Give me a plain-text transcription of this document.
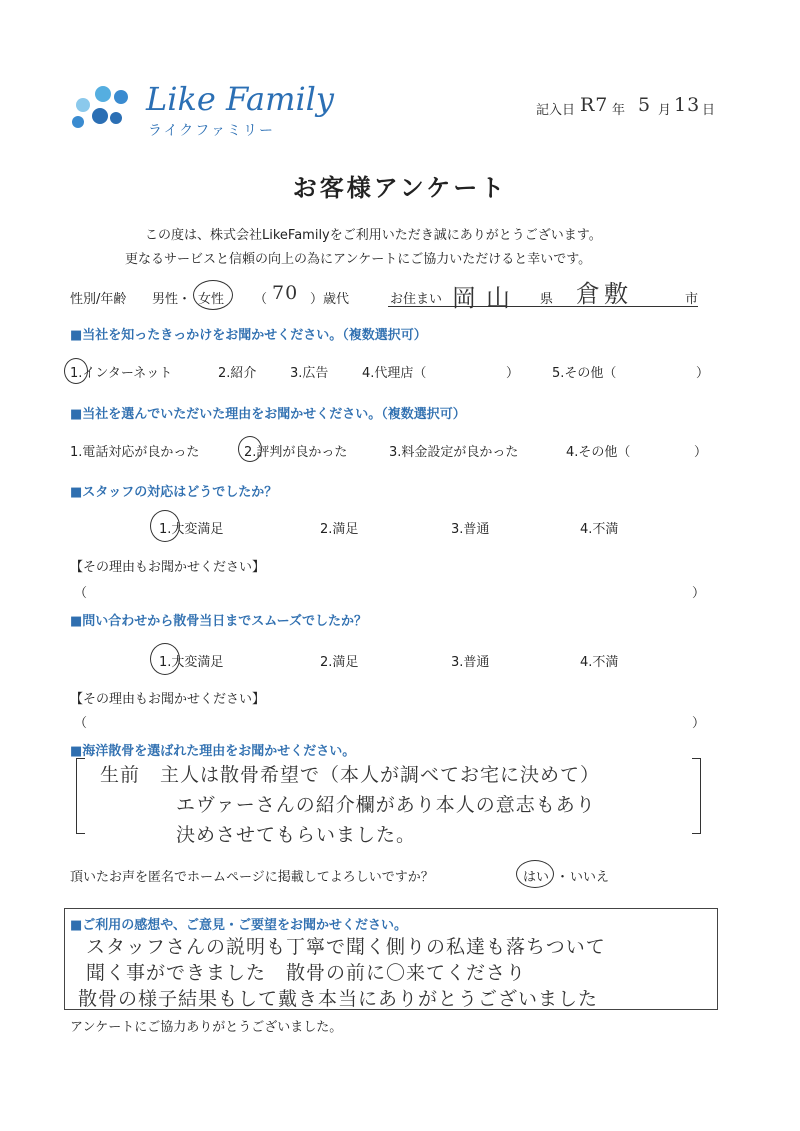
Like Family
ライクファミリー
記入日 R7 年 5 月 13 日
お客様アンケート
この度は、株式会社LikeFamilyをご利用いただき誠にありがとうございます。
更なるサービスと信頼の向上の為にアンケートにご協力いただけると幸いです。
性別/年齢 男性・ 女性 （ 70 ）歳代	お住まい 岡山 県 倉敷	市
■当社を知ったきっかけをお聞かせください。（複数選択可）
1.インターネット	2.紹介	3.広告	4.代理店（	）	5.その他（	）
■当社を選んでいただいた理由をお聞かせください。（複数選択可）
1.電話対応が良かった	2.評判が良かった	3.料金設定が良かった	4.その他（	）
■スタッフの対応はどうでしたか？
1.大変満足	2.満足	3.普通	4.不満
【その理由もお聞かせください】
（	）
■問い合わせから散骨当日までスムーズでしたか？
1.大変満足	2.満足	3.普通	4.不満
【その理由もお聞かせください】
（	）
■海洋散骨を選ばれた理由をお聞かせください。
生前　主人は散骨希望で（本人が調べてお宅に決めて）
エヴァーさんの紹介欄があり本人の意志もあり
決めさせてもらいました。
頂いたお声を匿名でホームページに掲載してよろしいですか？	はい ・ いいえ
■ご利用の感想や、ご意見・ご要望をお聞かせください。
スタッフさんの説明も丁寧で聞く側りの私達も落ちついて
聞く事ができました　散骨の前に〇来てくださり
散骨の様子結果もして戴き本当にありがとうございました
アンケートにご協力ありがとうございました。
